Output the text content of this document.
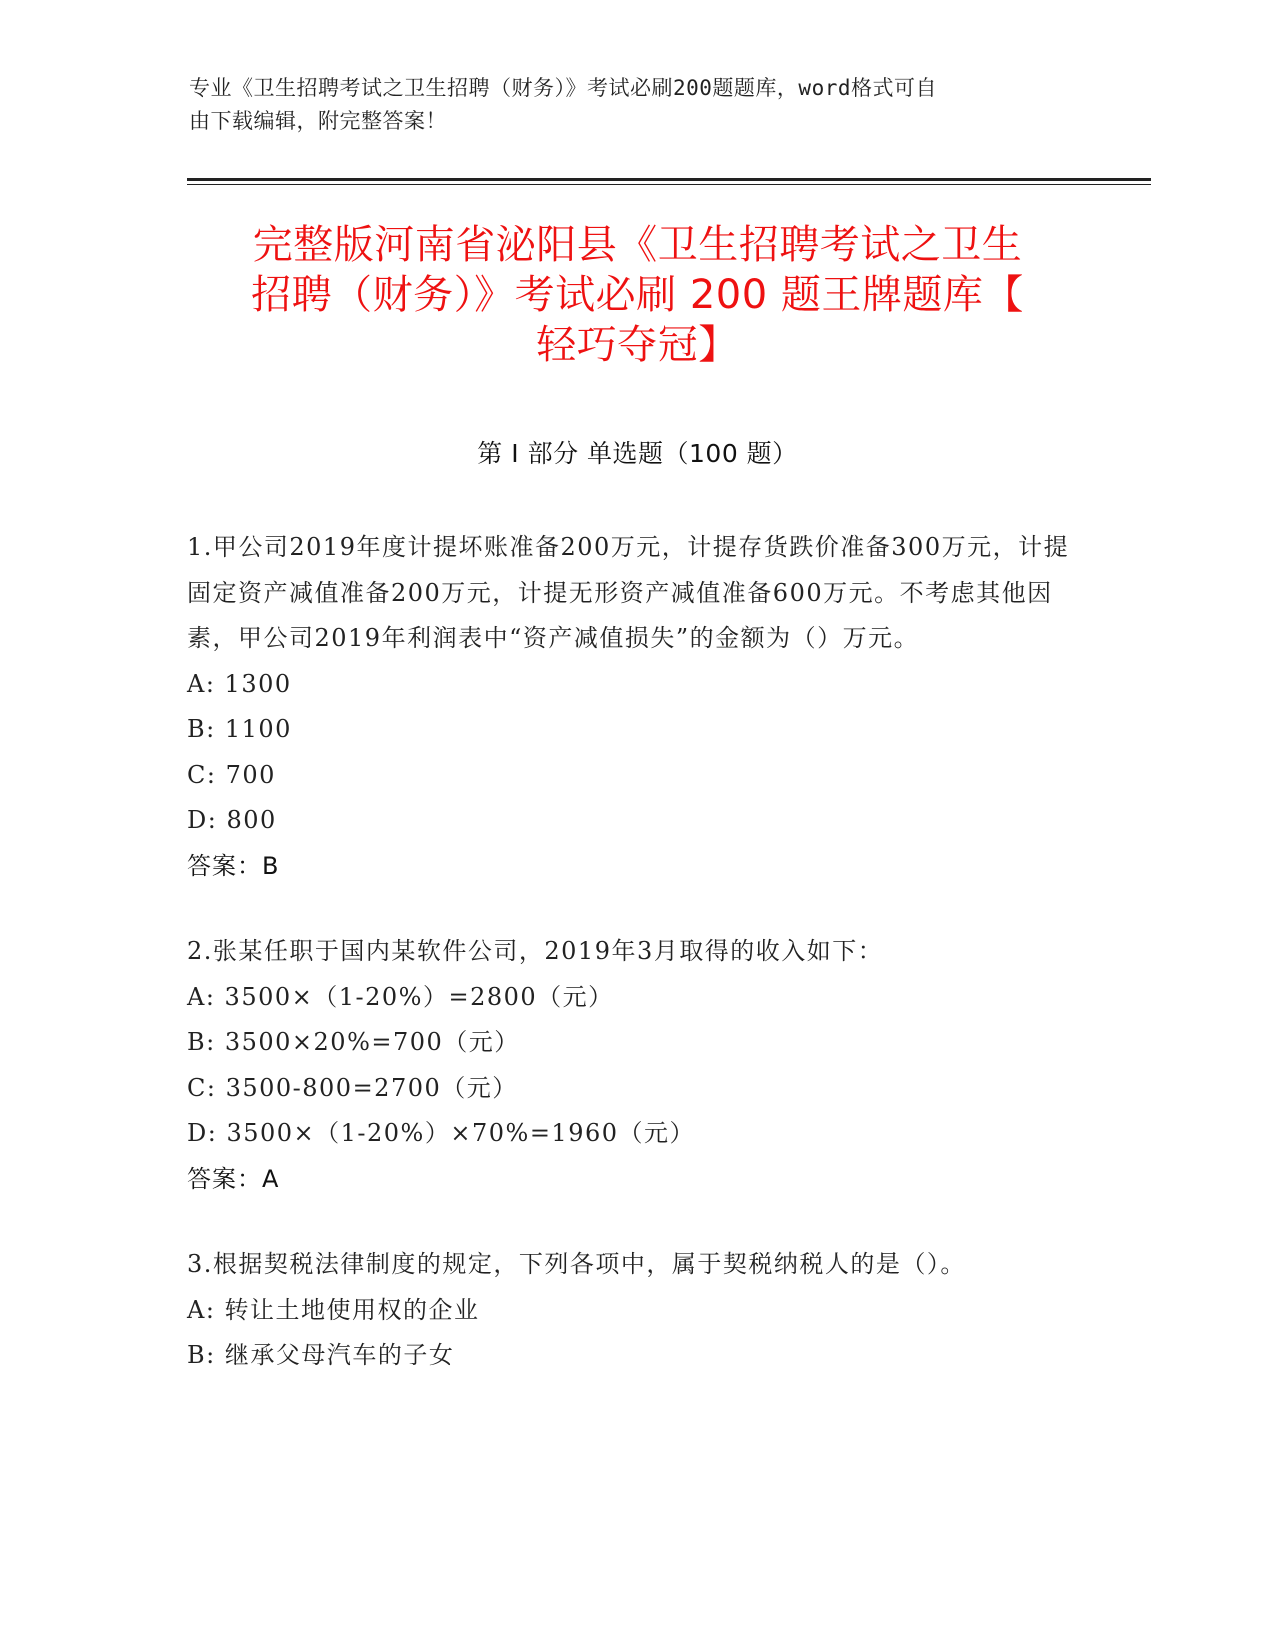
专业《卫生招聘考试之卫生招聘（财务）》考试必刷200题题库，word格式可自
由下载编辑，附完整答案！
完整版河南省泌阳县《卫生招聘考试之卫生
招聘（财务）》考试必刷 200 题王牌题库【
轻巧夺冠】
第 I 部分 单选题（100 题）

1.甲公司2019年度计提坏账准备200万元，计提存货跌价准备300万元，计提固定资产减值准备200万元，计提无形资产减值准备600万元。不考虑其他因素，甲公司2019年利润表中“资产减值损失”的金额为（）万元。

A: 1300

B: 1100

C: 700

D: 800

答案：B

2.张某任职于国内某软件公司，2019年3月取得的收入如下：

A: 3500×（1-20%）=2800（元）

B: 3500×20%=700（元）

C: 3500-800=2700（元）

D: 3500×（1-20%）×70%=1960（元）

答案：A

3.根据契税法律制度的规定，下列各项中，属于契税纳税人的是（）。

A: 转让土地使用权的企业

B: 继承父母汽车的子女
